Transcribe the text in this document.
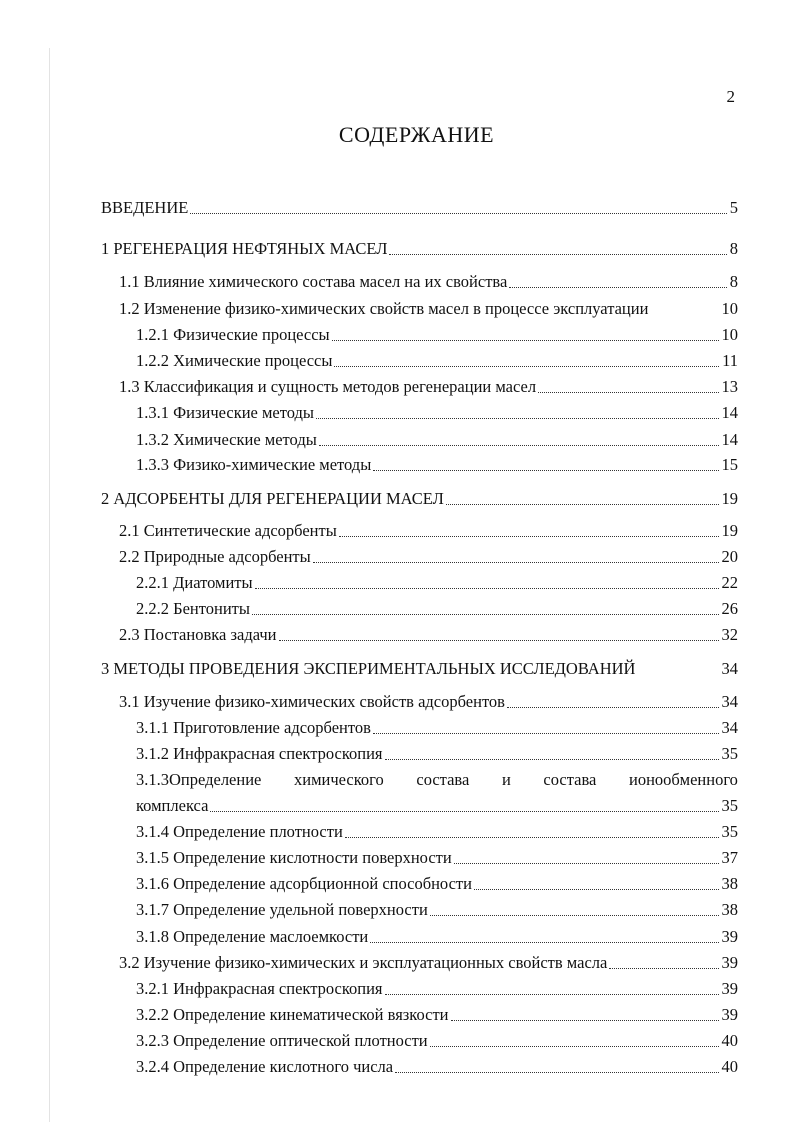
2
СОДЕРЖАНИЕ
ВВЕДЕНИЕ	5
1 РЕГЕНЕРАЦИЯ НЕФТЯНЫХ МАСЕЛ	8
1.1 Влияние химического состава масел на их свойства	8
1.2 Изменение физико-химических свойств масел в процессе эксплуатации	10
1.2.1 Физические процессы	10
1.2.2 Химические процессы	11
1.3 Классификация и сущность методов регенерации масел	13
1.3.1 Физические методы	14
1.3.2 Химические методы	14
1.3.3 Физико-химические методы	15
2 АДСОРБЕНТЫ ДЛЯ РЕГЕНЕРАЦИИ МАСЕЛ	19
2.1 Синтетические адсорбенты	19
2.2 Природные адсорбенты	20
2.2.1 Диатомиты	22
2.2.2 Бентониты	26
2.3 Постановка задачи	32
3 МЕТОДЫ ПРОВЕДЕНИЯ ЭКСПЕРИМЕНТАЛЬНЫХ ИССЛЕДОВАНИЙ	34
3.1 Изучение физико-химических свойств адсорбентов	34
3.1.1 Приготовление адсорбентов	34
3.1.2 Инфракрасная спектроскопия	35
3.1.3Определение химического состава и состава ионообменного
комплекса	35
3.1.4 Определение плотности	35
3.1.5 Определение кислотности поверхности	37
3.1.6 Определение адсорбционной способности	38
3.1.7 Определение удельной поверхности	38
3.1.8 Определение маслоемкости	39
3.2 Изучение физико-химических и эксплуатационных свойств масла	39
3.2.1 Инфракрасная спектроскопия	39
3.2.2 Определение кинематической вязкости	39
3.2.3 Определение оптической плотности	40
3.2.4 Определение кислотного числа	40
